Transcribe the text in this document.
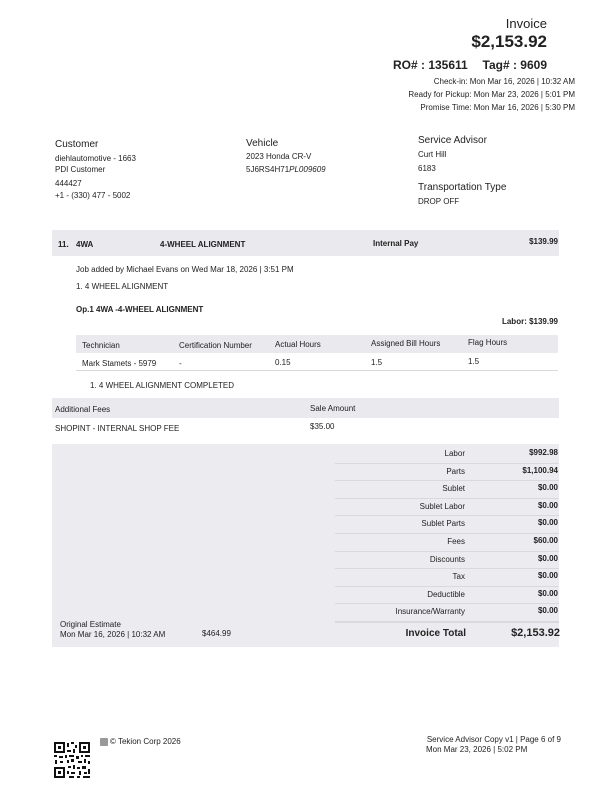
Invoice
$2,153.92
RO# : 135611 Tag# : 9609
Check-in: Mon Mar 16, 2026 | 10:32 AM
Ready for Pickup: Mon Mar 23, 2026 | 5:01 PM
Promise Time: Mon Mar 16, 2026 | 5:30 PM
Customer
diehlautomotive - 1663
PDI Customer
444427
+1 - (330) 477 - 5002
Vehicle
2023 Honda CR-V
5J6RS4H71PL009609
Service Advisor
Curt Hill
6183
Transportation Type
DROP OFF
11. 4WA	4-WHEEL ALIGNMENT	Internal Pay	$139.99
Job added by Michael Evans on Wed Mar 18, 2026 | 3:51 PM
1. 4 WHEEL ALIGNMENT
Op.1 4WA -4-WHEEL ALIGNMENT
Labor: $139.99
Technician	Certification Number	Actual Hours	Assigned Bill Hours	Flag Hours
Mark Stamets - 5979	-	0.15	1.5	1.5
1. 4 WHEEL ALIGNMENT COMPLETED
Additional Fees	Sale Amount
SHOPINT - INTERNAL SHOP FEE	$35.00
Labor	$992.98
Parts	$1,100.94
Sublet	$0.00
Sublet Labor	$0.00
Sublet Parts	$0.00
Fees	$60.00
Discounts	$0.00
Tax	$0.00
Deductible	$0.00
Insurance/Warranty	$0.00
Invoice Total	$2,153.92
Original Estimate
Mon Mar 16, 2026 | 10:32 AM	$464.99
© Tekion Corp 2026	Service Advisor Copy v1 | Page 6 of 9
Mon Mar 23, 2026 | 5:02 PM
